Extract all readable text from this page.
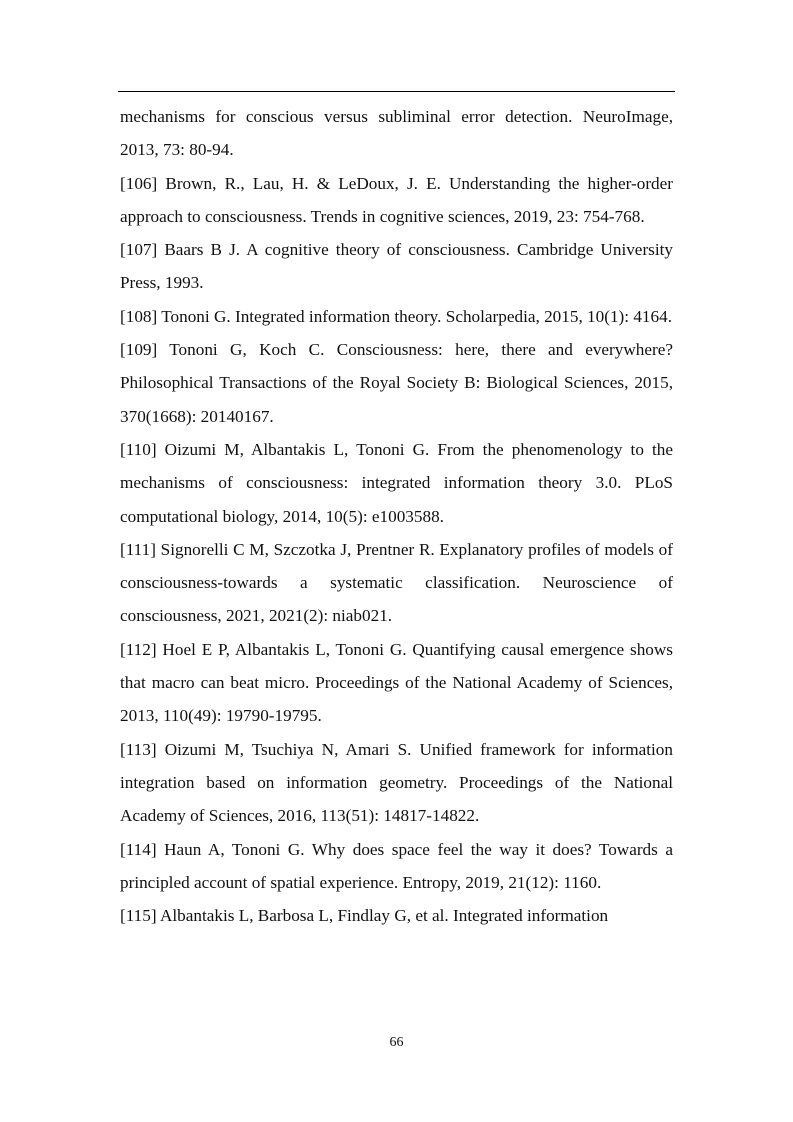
mechanisms for conscious versus subliminal error detection. NeuroImage, 2013, 73: 80-94.

[106] Brown, R., Lau, H. & LeDoux, J. E. Understanding the higher-order approach to consciousness. Trends in cognitive sciences, 2019, 23: 754-768.

[107] Baars B J. A cognitive theory of consciousness. Cambridge University Press, 1993.

[108] Tononi G. Integrated information theory. Scholarpedia, 2015, 10(1): 4164.

[109] Tononi G, Koch C. Consciousness: here, there and everywhere? Philosophical Transactions of the Royal Society B: Biological Sciences, 2015, 370(1668): 20140167.

[110] Oizumi M, Albantakis L, Tononi G. From the phenomenology to the mechanisms of consciousness: integrated information theory 3.0. PLoS computational biology, 2014, 10(5): e1003588.

[111] Signorelli C M, Szczotka J, Prentner R. Explanatory profiles of models of consciousness-towards a systematic classification. Neuroscience of consciousness, 2021, 2021(2): niab021.

[112] Hoel E P, Albantakis L, Tononi G. Quantifying causal emergence shows that macro can beat micro. Proceedings of the National Academy of Sciences, 2013, 110(49): 19790-19795.

[113] Oizumi M, Tsuchiya N, Amari S. Unified framework for information integration based on information geometry. Proceedings of the National Academy of Sciences, 2016, 113(51): 14817-14822.

[114] Haun A, Tononi G. Why does space feel the way it does? Towards a principled account of spatial experience. Entropy, 2019, 21(12): 1160.

[115] Albantakis L, Barbosa L, Findlay G, et al. Integrated information

66
